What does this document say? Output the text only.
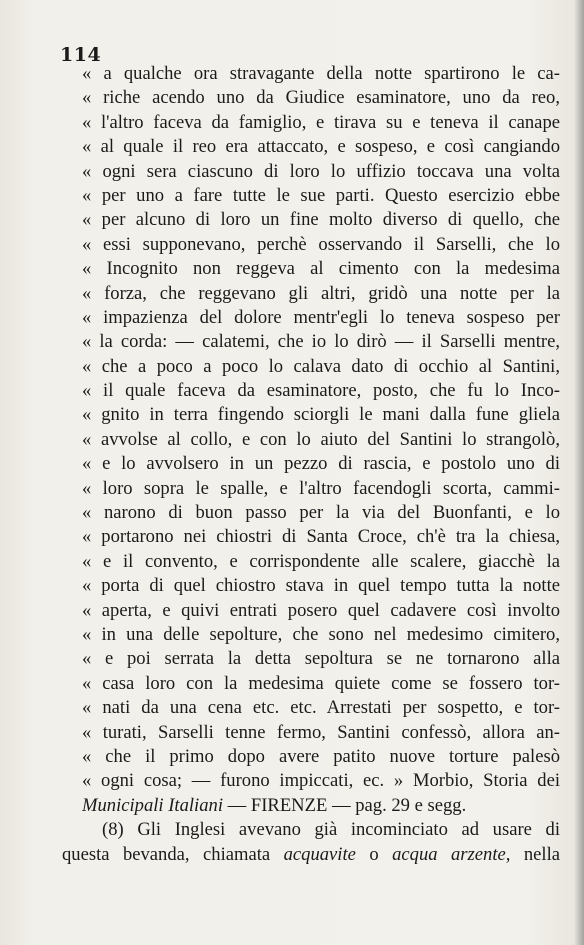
114
« a qualche ora stravagante della notte spartirono le ca-
« riche acendo uno da Giudice esaminatore, uno da reo,
« l'altro faceva da famiglio, e tirava su e teneva il canape
« al quale il reo era attaccato, e sospeso, e così cangiando
« ogni sera ciascuno di loro lo uffizio toccava una volta
« per uno a fare tutte le sue parti. Questo esercizio ebbe
« per alcuno di loro un fine molto diverso di quello, che
« essi supponevano, perchè osservando il Sarselli, che lo
« Incognito non reggeva al cimento con la medesima
« forza, che reggevano gli altri, gridò una notte per la
« impazienza del dolore mentr'egli lo teneva sospeso per
« la corda: — calatemi, che io lo dirò — il Sarselli mentre,
« che a poco a poco lo calava dato di occhio al Santini,
« il quale faceva da esaminatore, posto, che fu lo Inco-
« gnito in terra fingendo sciorgli le mani dalla fune gliela
« avvolse al collo, e con lo aiuto del Santini lo strangolò,
« e lo avvolsero in un pezzo di rascia, e postolo uno di
« loro sopra le spalle, e l'altro facendogli scorta, cammi-
« narono di buon passo per la via del Buonfanti, e lo
« portarono nei chiostri di Santa Croce, ch'è tra la chiesa,
« e il convento, e corrispondente alle scalere, giacchè la
« porta di quel chiostro stava in quel tempo tutta la notte
« aperta, e quivi entrati posero quel cadavere così involto
« in una delle sepolture, che sono nel medesimo cimitero,
« e poi serrata la detta sepoltura se ne tornarono alla
« casa loro con la medesima quiete come se fossero tor-
« nati da una cena etc. etc. Arrestati per sospetto, e tor-
« turati, Sarselli tenne fermo, Santini confessò, allora an-
« che il primo dopo avere patito nuove torture palesò
« ogni cosa; — furono impiccati, ec. » Morbio, Storia dei
Municipali Italiani — FIRENZE — pag. 29 e segg.
(8) Gli Inglesi avevano già incominciato ad usare di
questa bevanda, chiamata acquavite o acqua arzente, nella
